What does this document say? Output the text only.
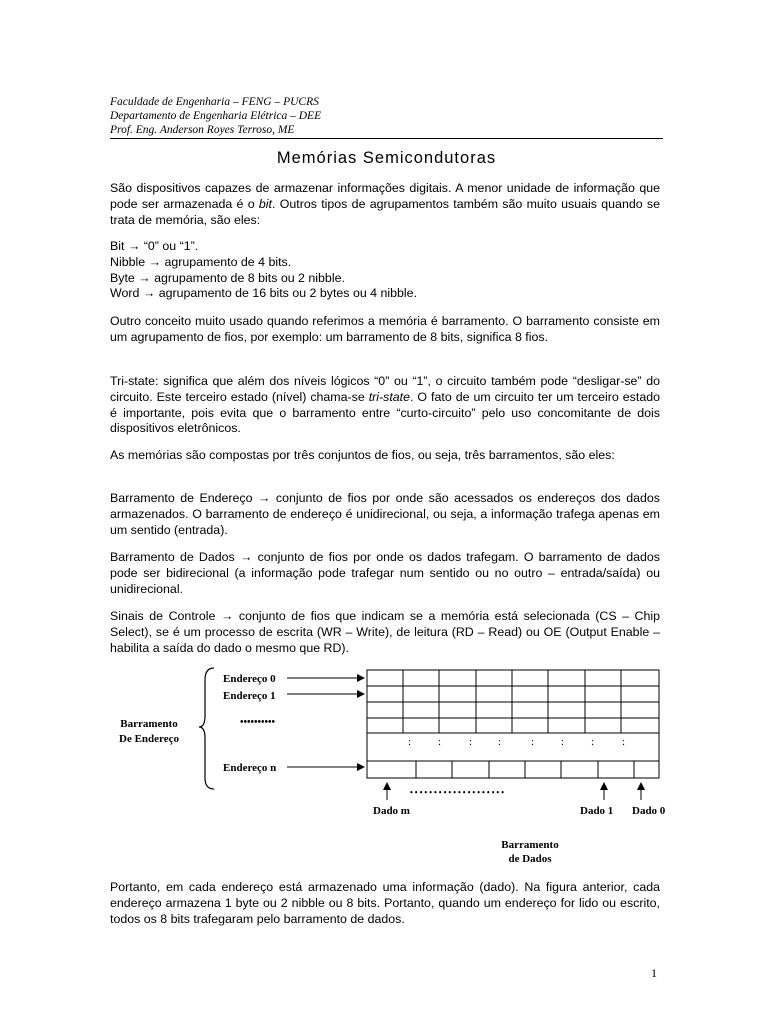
Faculdade de Engenharia – FENG – PUCRS
Departamento de Engenharia Elétrica – DEE
Prof. Eng. Anderson Royes Terroso, ME
Memórias Semicondutoras

São dispositivos capazes de armazenar informações digitais. A menor unidade de informação que pode ser armazenada é o bit. Outros tipos de agrupamentos também são muito usuais quando se trata de memória, são eles:

Bit → “0” ou “1”.
Nibble → agrupamento de 4 bits.
Byte → agrupamento de 8 bits ou 2 nibble.
Word → agrupamento de 16 bits ou 2 bytes ou 4 nibble.

Outro conceito muito usado quando referimos a memória é barramento. O barramento consiste em um agrupamento de fios, por exemplo: um barramento de 8 bits, significa 8 fios.

Tri-state: significa que além dos níveis lógicos “0” ou “1”, o circuito também pode “desligar-se” do circuito. Este terceiro estado (nível) chama-se tri-state. O fato de um circuito ter um terceiro estado é importante, pois evita que o barramento entre “curto-circuito” pelo uso concomitante de dois dispositivos eletrônicos.

As memórias são compostas por três conjuntos de fios, ou seja, três barramentos, são eles:

Barramento de Endereço → conjunto de fios por onde são acessados os endereços dos dados armazenados. O barramento de endereço é unidirecional, ou seja, a informação trafega apenas em um sentido (entrada).

Barramento de Dados → conjunto de fios por onde os dados trafegam. O barramento de dados pode ser bidirecional (a informação pode trafegar num sentido ou no outro – entrada/saída) ou unidirecional.

Sinais de Controle → conjunto de fios que indicam se a memória está selecionada (CS – Chip Select), se é um processo de escrita (WR – Write), de leitura (RD – Read) ou OE (Output Enable – habilita a saída do dado o mesmo que RD).

Barramento
De Endereço
Endereço 0
Endereço 1
••••••••••
Endereço n
: :	: :	: : :	:
• • • • • • • • • • • • • • • • • • • •
Dado m	Dado 1 Dado 0
Barramento
de Dados

Portanto, em cada endereço está armazenado uma informação (dado). Na figura anterior, cada endereço armazena 1 byte ou 2 nibble ou 8 bits. Portanto, quando um endereço for lido ou escrito, todos os 8 bits trafegaram pelo barramento de dados.

1
